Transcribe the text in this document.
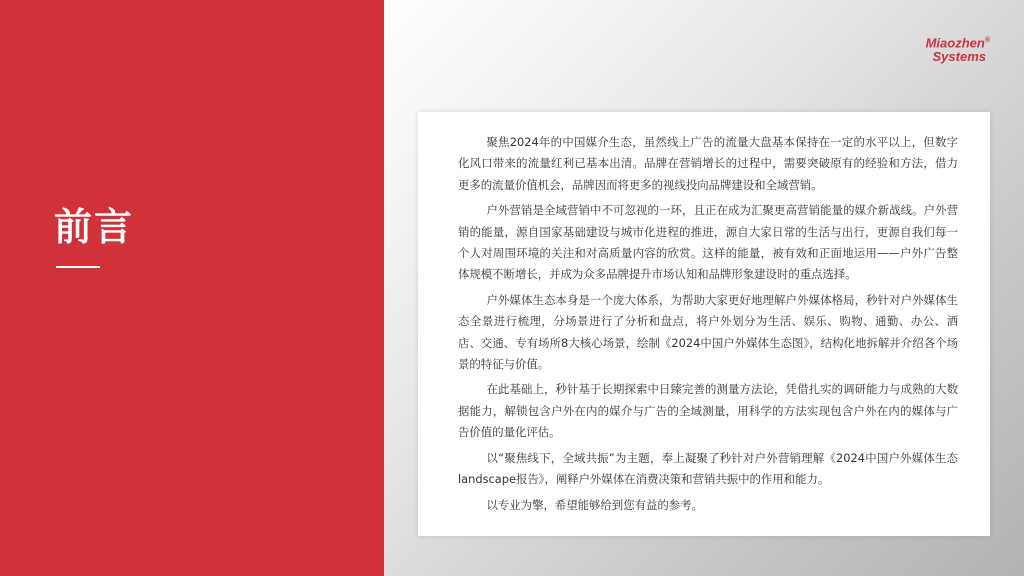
前言
Miaozhen®
Systems

聚焦2024年的中国媒介生态，虽然线上广告的流量大盘基本保持在一定的水平以上，但数字化风口带来的流量红利已基本出清。品牌在营销增长的过程中，需要突破原有的经验和方法，借力更多的流量价值机会，品牌因而将更多的视线投向品牌建设和全域营销。

户外营销是全域营销中不可忽视的一环，且正在成为汇聚更高营销能量的媒介新战线。户外营销的能量，源自国家基础建设与城市化进程的推进，源自大家日常的生活与出行，更源自我们每一个人对周围环境的关注和对高质量内容的欣赏。这样的能量，被有效和正面地运用——户外广告整体规模不断增长，并成为众多品牌提升市场认知和品牌形象建设时的重点选择。

户外媒体生态本身是一个庞大体系，为帮助大家更好地理解户外媒体格局，秒针对户外媒体生态全景进行梳理，分场景进行了分析和盘点，将户外划分为生活、娱乐、购物、通勤、办公、酒店、交通、专有场所8大核心场景，绘制《2024中国户外媒体生态图》，结构化地拆解并介绍各个场景的特征与价值。

在此基础上，秒针基于长期探索中日臻完善的测量方法论，凭借扎实的调研能力与成熟的大数据能力，解锁包含户外在内的媒介与广告的全域测量，用科学的方法实现包含户外在内的媒体与广告价值的量化评估。

以“聚焦线下，全域共振”为主题，奉上凝聚了秒针对户外营销理解《2024中国户外媒体生态landscape报告》，阐释户外媒体在消费决策和营销共振中的作用和能力。

以专业为擎，希望能够给到您有益的参考。
